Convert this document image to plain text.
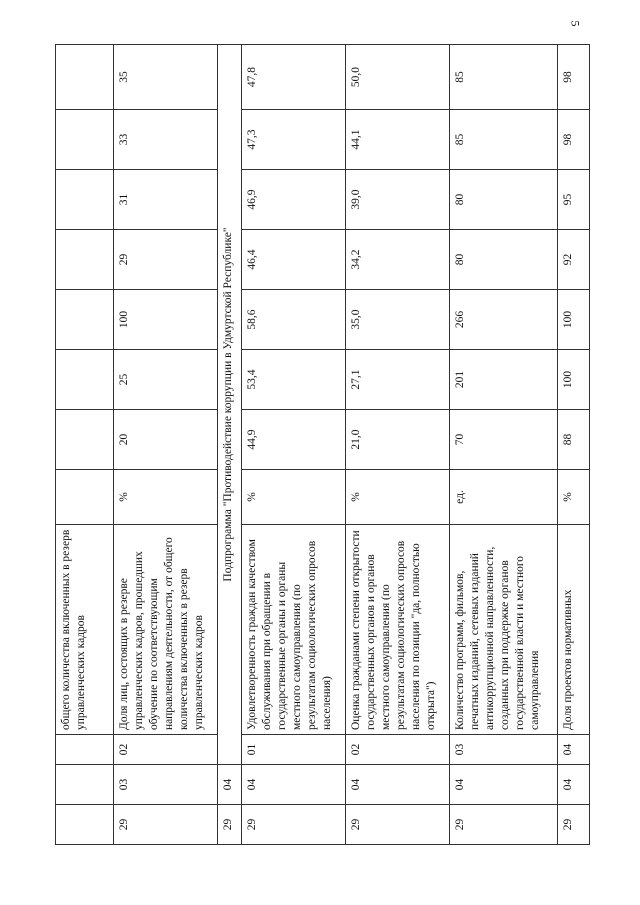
5
			общего количества включенных в резерв управленческих кадров								
29	03	02	Доля лиц, состоящих в резерве управленческих кадров, прошедших обучение по соответствующим направлениям деятельности, от общего количества включенных в резерв управленческих кадров	%	20	25	100	29	31	33	35
29	04	Подпрограмма "Противодействие коррупции в Удмуртской Республике"									
29	04	01	Удовлетворенность граждан качеством обслуживания при обращении в государственные органы и органы местного самоуправления (по результатам социологических опросов населения)	%	44,9	53,4	58,6	46,4	46,9	47,3	47,8
29	04	02	Оценка гражданами степени открытости государственных органов и органов местного самоуправления (по результатам социологических опросов населения по позиции "да, полностью открыта")	%	21,0	27,1	35,0	34,2	39,0	44,1	50,0
29	04	03	Количество программ, фильмов, печатных изданий, сетевых изданий антикоррупционной направленности, созданных при поддержке органов государственной власти и местного самоуправления	ед.	70	201	266	80	80	85	85
29	04	04	Доля проектов нормативных	%	88	100	100	92	95	98	98
